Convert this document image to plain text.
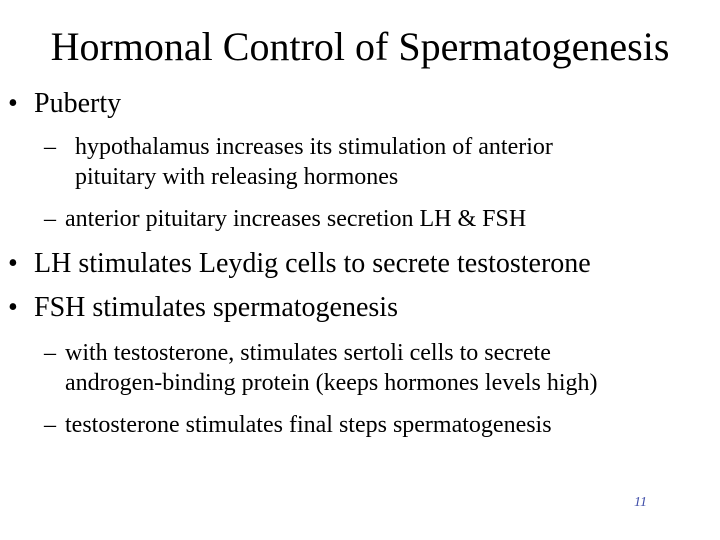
Hormonal Control of Spermatogenesis
• Puberty
– hypothalamus increases its stimulation of anterior
pituitary with releasing hormones
– anterior pituitary increases secretion LH & FSH
• LH stimulates Leydig cells to secrete testosterone
• FSH stimulates spermatogenesis
– with testosterone, stimulates sertoli cells to secrete
androgen-binding protein (keeps hormones levels high)
– testosterone stimulates final steps spermatogenesis
11
